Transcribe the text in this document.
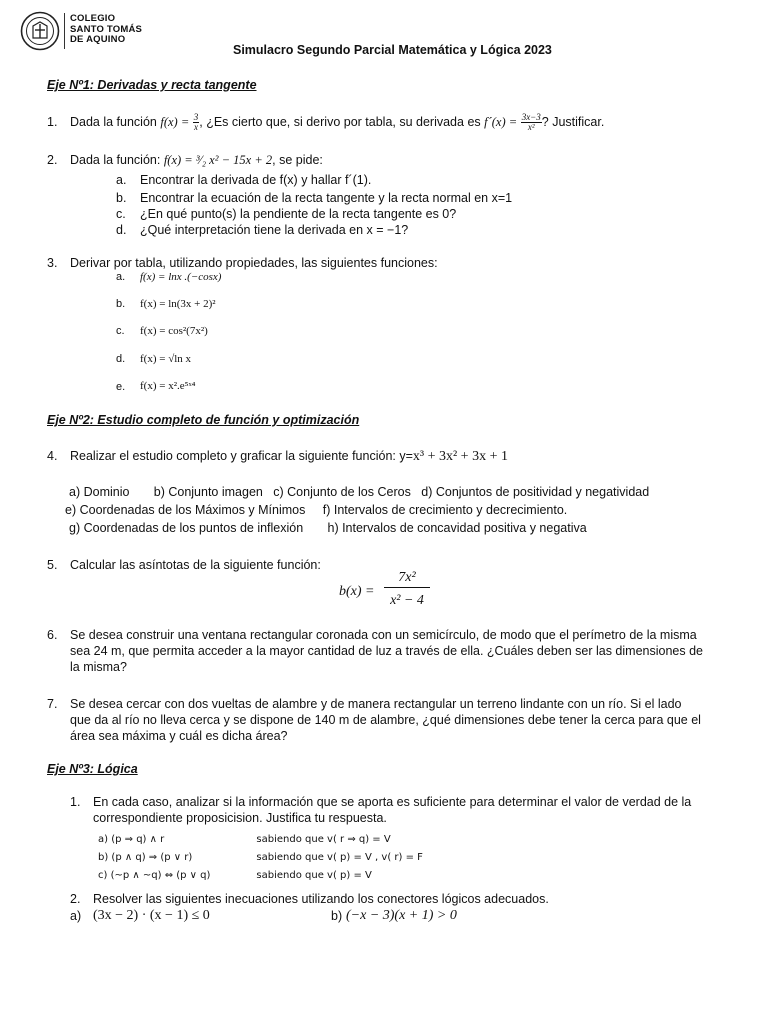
COLEGIO
SANTO TOMÁS
DE AQUINO
Simulacro Segundo Parcial Matemática y Lógica 2023
Eje Nº1: Derivadas y recta tangente
1. Dada la función $f(x) = \frac{3}{x}$ , ¿Es cierto que, si derivo por tabla, su derivada es f´(x) = $\frac{3x-3}{\text{x²}}$ ? Justificar.
2. Dada la función: f(x) = ³⁄₂ x² − 15x + 2, se pide:
a. Encontrar la derivada de f(x) y hallar f´(1).
b. Encontrar la ecuación de la recta tangente y la recta normal en x=1
c. ¿En qué punto(s) la pendiente de la recta tangente es 0?
d. ¿Qué interpretación tiene la derivada en x = −1?
3. Derivar por tabla, utilizando propiedades, las siguientes funciones:
a. f(x) = lnx .(−cosx)
b. f(x) = ln(3x + 2)²
c. f(x) = cos²(7x²)
d. f(x) = √ln x
e. f(x) = x².e⁵ˣ⁴
Eje Nº2: Estudio completo de función y optimización
4. Realizar el estudio completo y graficar la siguiente función: y=x³ + 3x² + 3x + 1
a) Dominio       b) Conjunto imagen   c) Conjunto de los Ceros   d) Conjuntos de positividad y negatividad
e) Coordenadas de los Máximos y Mínimos     f) Intervalos de crecimiento y decrecimiento.
g) Coordenadas de los puntos de inflexión       h) Intervalos de concavidad positiva y negativa
5. Calcular las asíntotas de la siguiente función:
b(x) =
7x²
x² − 4
6. Se desea construir una ventana rectangular coronada con un semicírculo, de modo que el perímetro de la misma
sea 24 m, que permita acceder a la mayor cantidad de luz a través de ella. ¿Cuáles deben ser las dimensiones de
la misma?
7. Se desea cercar con dos vueltas de alambre y de manera rectangular un terreno lindante con un río. Si el lado
que da al río no lleva cerca y se dispone de 140 m de alambre, ¿qué dimensiones debe tener la cerca para que el
área sea máxima y cuál es dicha área?
Eje Nº3: Lógica
1. En cada caso, analizar si la información que se aporta es suficiente para determinar el valor de verdad de la
correspondiente proposicision. Justifica tu respuesta.
a) (p ⇒ q) ∧ r	sabiendo que v( r ⇒ q) = V
b) (p ∧ q) ⇒ (p ∨ r)	sabiendo que v( p) = V , v( r) = F
c) (~p ∧ ~q) ⇔ (p ∨ q)	sabiendo que v( p) = V
2. Resolver las siguientes inecuaciones utilizando los conectores lógicos adecuados.
a) (3x − 2) · (x − 1) ≤ 0	b) (−x − 3)(x + 1) > 0
